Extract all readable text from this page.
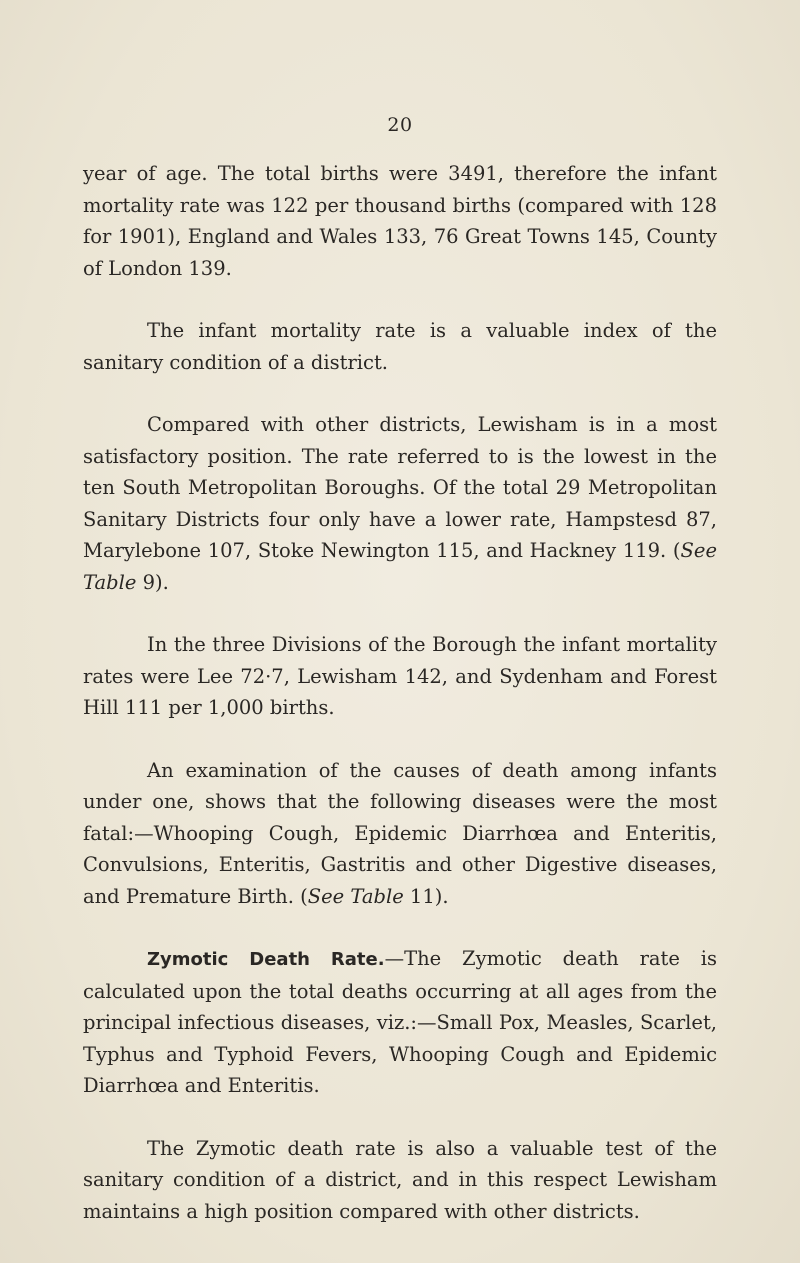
20

year of age. The total births were 3491, therefore the infant mortality rate was 122 per thousand births (compared with 128 for 1901), England and Wales 133, 76 Great Towns 145, County of London 139.

The infant mortality rate is a valuable index of the sanitary condition of a district.

Compared with other districts, Lewisham is in a most satisfactory position. The rate referred to is the lowest in the ten South Metropolitan Boroughs. Of the total 29 Metropolitan Sanitary Districts four only have a lower rate, Hampstesd 87, Marylebone 107, Stoke Newington 115, and Hackney 119. (See Table 9).

In the three Divisions of the Borough the infant mortality rates were Lee 72·7, Lewisham 142, and Sydenham and Forest Hill 111 per 1,000 births.

An examination of the causes of death among infants under one, shows that the following diseases were the most fatal:—Whooping Cough, Epidemic Diarrhœa and Enteritis, Convulsions, Enteritis, Gastritis and other Digestive diseases, and Premature Birth. (See Table 11).

Zymotic Death Rate.—The Zymotic death rate is calculated upon the total deaths occurring at all ages from the principal infectious diseases, viz.:—Small Pox, Measles, Scarlet, Typhus and Typhoid Fevers, Whooping Cough and Epidemic Diarrhœa and Enteritis.

The Zymotic death rate is also a valuable test of the sanitary condition of a district, and in this respect Lewisham maintains a high position compared with other districts.
